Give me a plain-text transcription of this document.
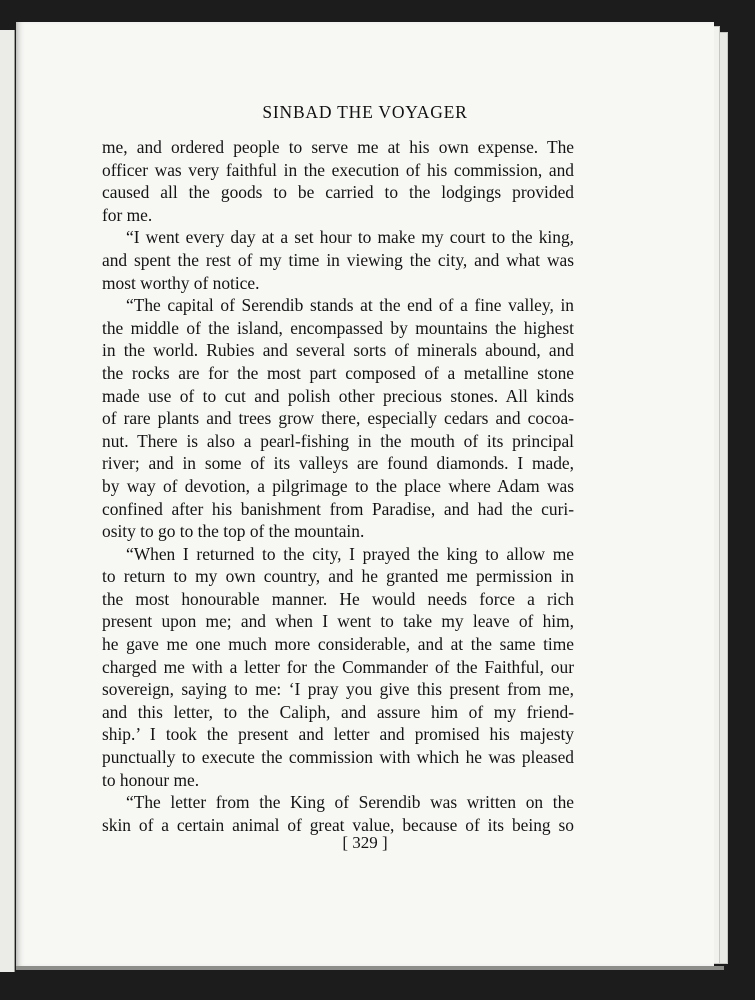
SINBAD THE VOYAGER
me, and ordered people to serve me at his own expense. The
officer was very faithful in the execution of his commission, and
caused all the goods to be carried to the lodgings provided
for me.
“I went every day at a set hour to make my court to the king,
and spent the rest of my time in viewing the city, and what was
most worthy of notice.
“The capital of Serendib stands at the end of a fine valley, in
the middle of the island, encompassed by mountains the highest
in the world. Rubies and several sorts of minerals abound, and
the rocks are for the most part composed of a metalline stone
made use of to cut and polish other precious stones. All kinds
of rare plants and trees grow there, especially cedars and cocoa-
nut. There is also a pearl-fishing in the mouth of its principal
river; and in some of its valleys are found diamonds. I made,
by way of devotion, a pilgrimage to the place where Adam was
confined after his banishment from Paradise, and had the curi-
osity to go to the top of the mountain.
“When I returned to the city, I prayed the king to allow me
to return to my own country, and he granted me permission in
the most honourable manner. He would needs force a rich
present upon me; and when I went to take my leave of him,
he gave me one much more considerable, and at the same time
charged me with a letter for the Commander of the Faithful, our
sovereign, saying to me: ‘I pray you give this present from me,
and this letter, to the Caliph, and assure him of my friend-
ship.’ I took the present and letter and promised his majesty
punctually to execute the commission with which he was pleased
to honour me.
“The letter from the King of Serendib was written on the
skin of a certain animal of great value, because of its being so
[ 329 ]
